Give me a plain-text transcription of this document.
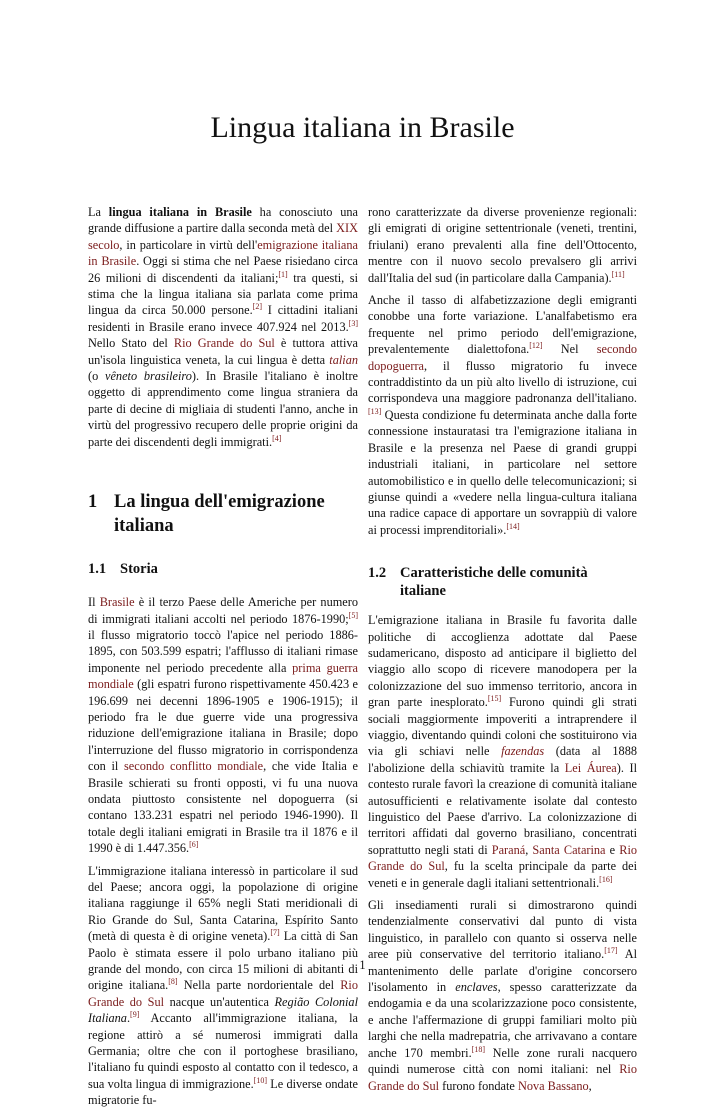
Lingua italiana in Brasile

La lingua italiana in Brasile ha conosciuto una grande diffusione a partire dalla seconda metà del XIX secolo, in particolare in virtù dell'emigrazione italiana in Brasile. Oggi si stima che nel Paese risiedano circa 26 milioni di discendenti da italiani;[1] tra questi, si stima che la lingua italiana sia parlata come prima lingua da circa 50.000 persone.[2] I cittadini italiani residenti in Brasile erano invece 407.924 nel 2013.[3] Nello Stato del Rio Grande do Sul è tuttora attiva un'isola linguistica veneta, la cui lingua è detta talian (o vêneto brasileiro). In Brasile l'italiano è inoltre oggetto di apprendimento come lingua straniera da parte di decine di migliaia di studenti l'anno, anche in virtù del progressivo recupero delle proprie origini da parte dei discendenti degli immigrati.[4]

1 La lingua dell'emigrazione italiana
1.1 Storia

Il Brasile è il terzo Paese delle Americhe per numero di immigrati italiani accolti nel periodo 1876-1990;[5] il flusso migratorio toccò l'apice nel periodo 1886-1895, con 503.599 espatri; l'afflusso di italiani rimase imponente nel periodo precedente alla prima guerra mondiale (gli espatri furono rispettivamente 450.423 e 196.699 nei decenni 1896-1905 e 1906-1915); il periodo fra le due guerre vide una progressiva riduzione dell'emigrazione italiana in Brasile; dopo l'interruzione del flusso migratorio in corrispondenza con il secondo conflitto mondiale, che vide Italia e Brasile schierati su fronti opposti, vi fu una nuova ondata piuttosto consistente nel dopoguerra (si contano 133.231 espatri nel periodo 1946-1990). Il totale degli italiani emigrati in Brasile tra il 1876 e il 1990 è di 1.447.356.[6]

L'immigrazione italiana interessò in particolare il sud del Paese; ancora oggi, la popolazione di origine italiana raggiunge il 65% negli Stati meridionali di Rio Grande do Sul, Santa Catarina, Espírito Santo (metà di questa è di origine veneta).[7] La città di San Paolo è stimata essere il polo urbano italiano più grande del mondo, con circa 15 milioni di abitanti di origine italiana.[8] Nella parte nordorientale del Rio Grande do Sul nacque un'autentica Região Colonial Italiana.[9] Accanto all'immigrazione italiana, la regione attirò a sé numerosi immigrati dalla Germania; oltre che con il portoghese brasiliano, l'italiano fu quindi esposto al contatto con il tedesco, a sua volta lingua di immigrazione.[10] Le diverse ondate migratorie fu-

rono caratterizzate da diverse provenienze regionali: gli emigrati di origine settentrionale (veneti, trentini, friulani) erano prevalenti alla fine dell'Ottocento, mentre con il nuovo secolo prevalsero gli arrivi dall'Italia del sud (in particolare dalla Campania).[11]

Anche il tasso di alfabetizzazione degli emigranti conobbe una forte variazione. L'analfabetismo era frequente nel primo periodo dell'emigrazione, prevalentemente dialettofona.[12] Nel secondo dopoguerra, il flusso migratorio fu invece contraddistinto da un più alto livello di istruzione, cui corrispondeva una maggiore padronanza dell'italiano.[13] Questa condizione fu determinata anche dalla forte connessione instauratasi tra l'emigrazione italiana in Brasile e la presenza nel Paese di grandi gruppi industriali italiani, in particolare nel settore automobilistico e in quello delle telecomunicazioni; si giunse quindi a «vedere nella lingua-cultura italiana una radice capace di apportare un sovrappiù di valore ai processi imprenditoriali».[14]

1.2 Caratteristiche delle comunità italiane

L'emigrazione italiana in Brasile fu favorita dalle politiche di accoglienza adottate dal Paese sudamericano, disposto ad anticipare il biglietto del viaggio allo scopo di ricevere manodopera per la colonizzazione del suo immenso territorio, ancora in gran parte inesplorato.[15] Furono quindi gli strati sociali maggiormente impoveriti a intraprendere il viaggio, diventando quindi coloni che sostituirono via via gli schiavi nelle fazendas (data al 1888 l'abolizione della schiavitù tramite la Lei Áurea). Il contesto rurale favorì la creazione di comunità italiane autosufficienti e relativamente isolate dal contesto linguistico del Paese d'arrivo. La colonizzazione di territori affidati dal governo brasiliano, concentrati soprattutto negli stati di Paraná, Santa Catarina e Rio Grande do Sul, fu la scelta principale da parte dei veneti e in generale dagli italiani settentrionali.[16]

Gli insediamenti rurali si dimostrarono quindi tendenzialmente conservativi dal punto di vista linguistico, in parallelo con quanto si osserva nelle aree più conservative del territorio italiano.[17] Al mantenimento delle parlate d'origine concorsero l'isolamento in enclaves, spesso caratterizzate da endogamia e da una scolarizzazione poco consistente, e anche l'affermazione di gruppi familiari molto più larghi che nella madrepatria, che arrivavano a contare anche 170 membri.[18] Nelle zone rurali nacquero quindi numerose città con nomi italiani: nel Rio Grande do Sul furono fondate Nova Bassano,

1
